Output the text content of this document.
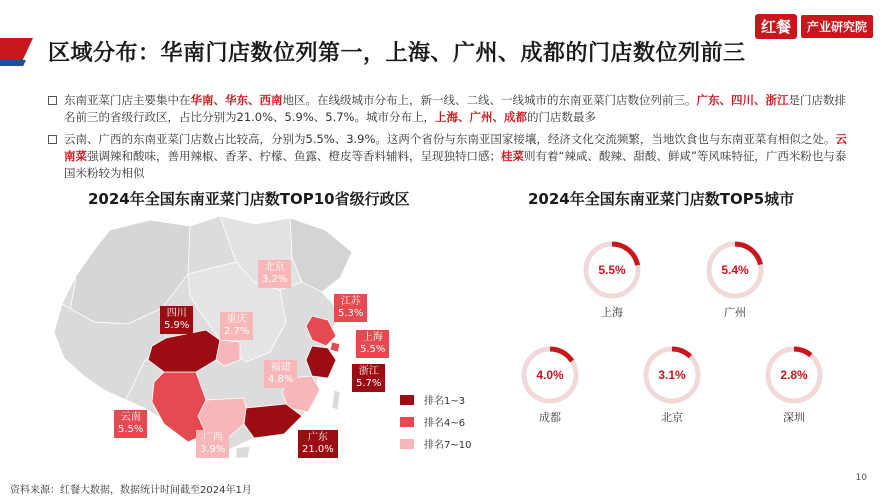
区域分布：华南门店数位列第一，上海、广州、成都的门店数位列前三
红餐	产业研究院
东南亚菜门店主要集中在华南、华东、西南地区。在线级城市分布上，新一线、二线、一线城市的东南亚菜门店数位列前三。广东、四川、浙江是门店数排名前三的省级行政区，占比分别为21.0%、5.9%、5.7%。城市分布上，上海、广州、成都的门店数最多
云南、广西的东南亚菜门店数占比较高，分别为5.5%、3.9%。这两个省份与东南亚国家接壤，经济文化交流频繁，当地饮食也与东南亚菜有相似之处。云南菜强调辣和酸味，善用辣椒、香茅、柠檬、鱼露、橙皮等香料辅料，呈现独特口感；桂菜则有着“辣咸、酸辣、甜酸、鲜咸”等风味特征，广西米粉也与泰国米粉较为相似
2024年全国东南亚菜门店数TOP10省级行政区	2024年全国东南亚菜门店数TOP5城市
北京
3.2%
江苏
5.3%
四川
5.9%
重庆
2.7%
上海
5.5%
福建
4.8%
浙江
5.7%
云南
5.5%
广西
3.9%
广东
21.0%
排名1~3
排名4~6
排名7~10
5.5%
上海
5.4%
广州
4.0%
成都
3.1%
北京
2.8%
深圳
资料来源：红餐大数据，数据统计时间截至2024年1月
10
